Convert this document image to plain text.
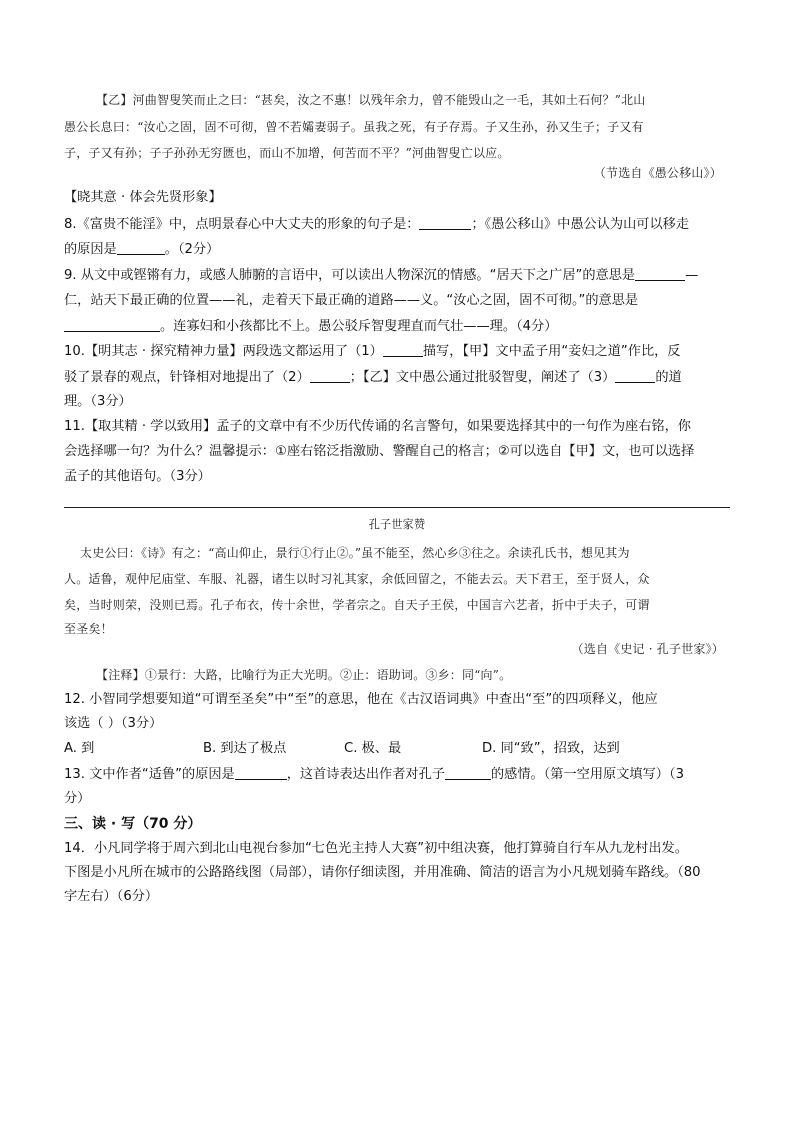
【乙】河曲智叟笑而止之曰：“甚矣，汝之不惠！以残年余力，曾不能毁山之一毛，其如土石何？”北山
愚公长息曰：“汝心之固，固不可彻，曾不若孀妻弱子。虽我之死，有子存焉。子又生孙，孙又生子；子又有
子，子又有孙；子子孙孙无穷匮也，而山不加增，何苦而不平？”河曲智叟亡以应。
（节选自《愚公移山》）
【晓其意 · 体会先贤形象】
8.《富贵不能淫》中，点明景春心中大丈夫的形象的句子是：	；《愚公移山》中愚公认为山可以移走
的原因是	。（2分）
9. 从文中或铿锵有力，或感人肺腑的言语中，可以读出人物深沉的情感。“居天下之广居”的意思是	—
仁，站天下最正确的位置——礼，走着天下最正确的道路——义。“汝心之固，固不可彻。”的意思是
。连寡妇和小孩都比不上。愚公驳斥智叟理直而气壮——理。（4分）
10.【明其志 · 探究精神力量】两段选文都运用了（1）	描写，【甲】文中孟子用“妾妇之道”作比，反
驳了景春的观点，针锋相对地提出了（2）	；【乙】文中愚公通过批驳智叟，阐述了（3）	的道
理。（3分）
11.【取其精 · 学以致用】孟子的文章中有不少历代传诵的名言警句，如果要选择其中的一句作为座右铭，你
会选择哪一句？为什么？温馨提示：①座右铭泛指激励、警醒自己的格言；②可以选自【甲】文，也可以选择
孟子的其他语句。（3分）
孔子世家赞
太史公曰：《诗》有之：“高山仰止，景行①行止②。”虽不能至，然心乡③往之。余读孔氏书，想见其为
人。适鲁，观仲尼庙堂、车服、礼器，诸生以时习礼其家，余低回留之，不能去云。天下君王，至于贤人，众
矣，当时则荣，没则已焉。孔子布衣，传十余世，学者宗之。自天子王侯，中国言六艺者，折中于夫子，可谓
至圣矣！
（选自《史记 · 孔子世家》）
【注释】①景行：大路，比喻行为正大光明。②止：语助词。③乡：同“向”。
12. 小智同学想要知道“可谓至圣矣”中“至”的意思，他在《古汉语词典》中查出“至”的四项释义，他应
该选（ ）（3分）
A. 到	B. 到达了极点	C. 极、最	D. 同“致”，招致，达到
13. 文中作者“适鲁”的原因是	，这首诗表达出作者对孔子	的感情。（第一空用原文填写）（3
分）
三、读 · 写（70 分）
14．小凡同学将于周六到北山电视台参加“七色光主持人大赛”初中组决赛，他打算骑自行车从九龙村出发。
下图是小凡所在城市的公路路线图（局部），请你仔细读图，并用准确、简洁的语言为小凡规划骑车路线。（80
字左右）（6分）
